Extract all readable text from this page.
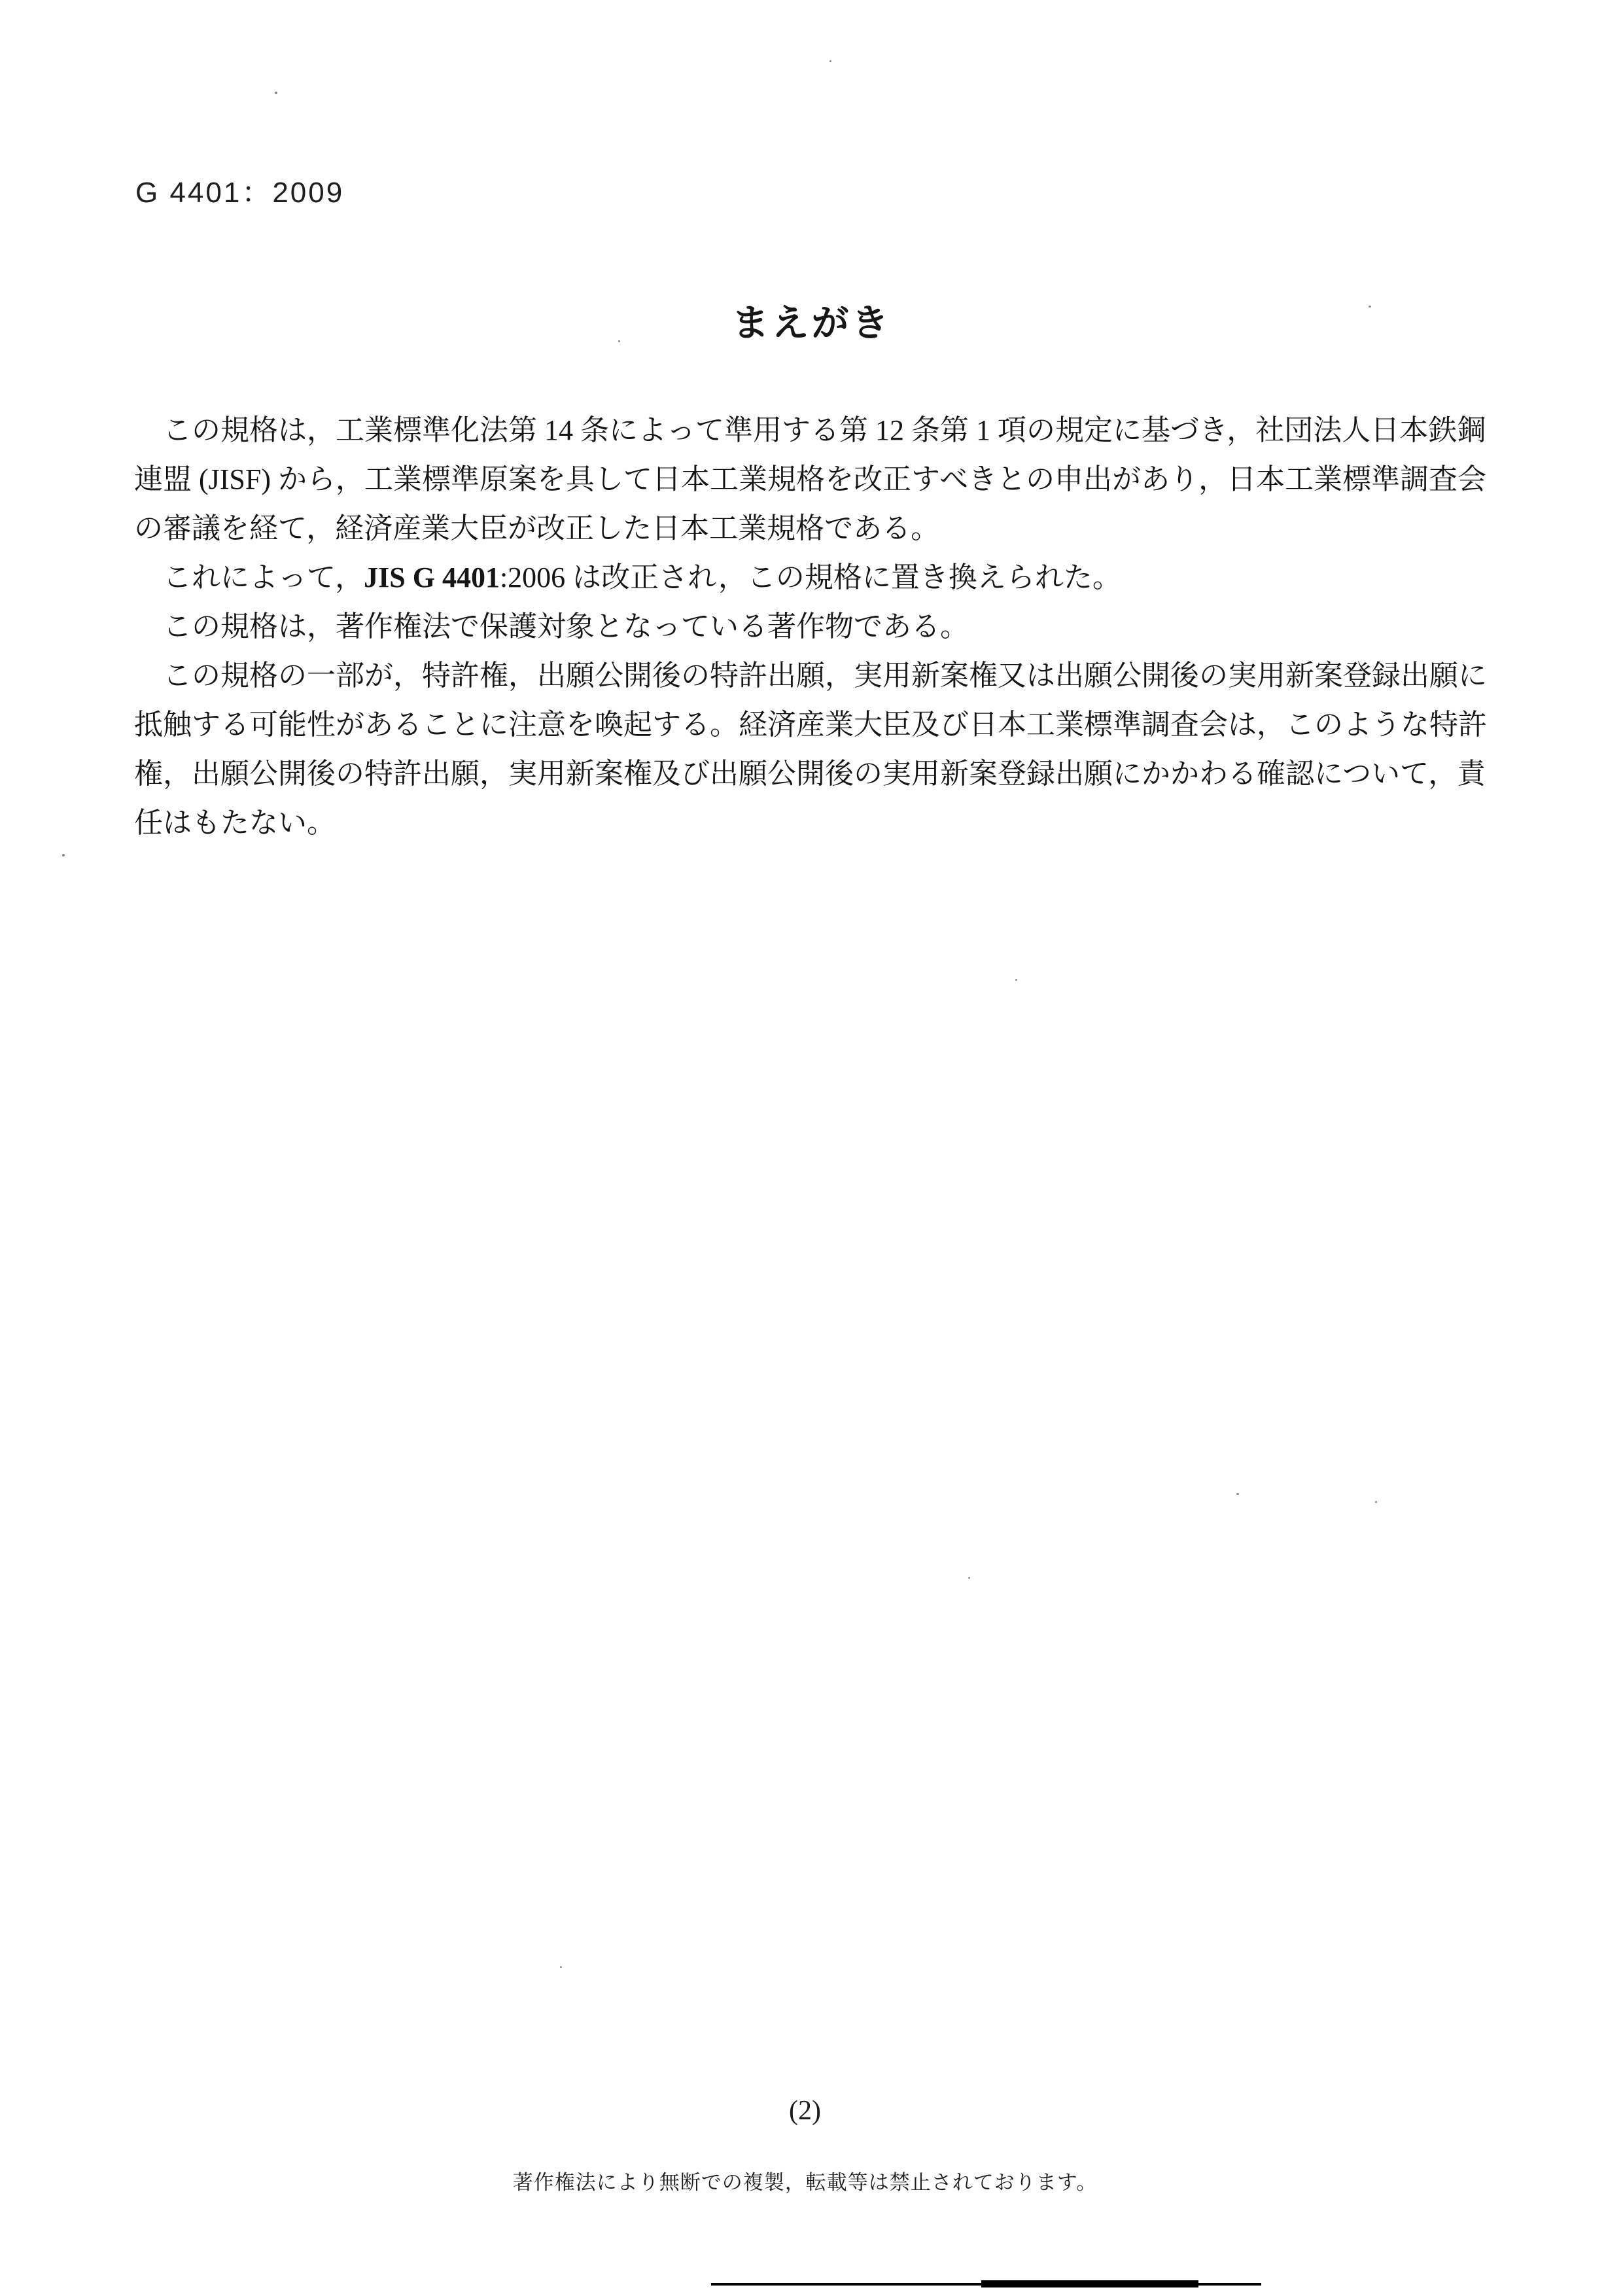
G 4401：2009
まえがき
この規格は，工業標準化法第 14 条によって準用する第 12 条第 1 項の規定に基づき，社団法人日本鉄鋼
連盟 (JISF) から，工業標準原案を具して日本工業規格を改正すべきとの申出があり，日本工業標準調査会
の審議を経て，経済産業大臣が改正した日本工業規格である。
これによって，JIS G 4401:2006 は改正され，この規格に置き換えられた。
この規格は，著作権法で保護対象となっている著作物である。
この規格の一部が，特許権，出願公開後の特許出願，実用新案権又は出願公開後の実用新案登録出願に
抵触する可能性があることに注意を喚起する。経済産業大臣及び日本工業標準調査会は，このような特許
権，出願公開後の特許出願，実用新案権及び出願公開後の実用新案登録出願にかかわる確認について，責
任はもたない。
(2)
著作権法により無断での複製，転載等は禁止されております。
